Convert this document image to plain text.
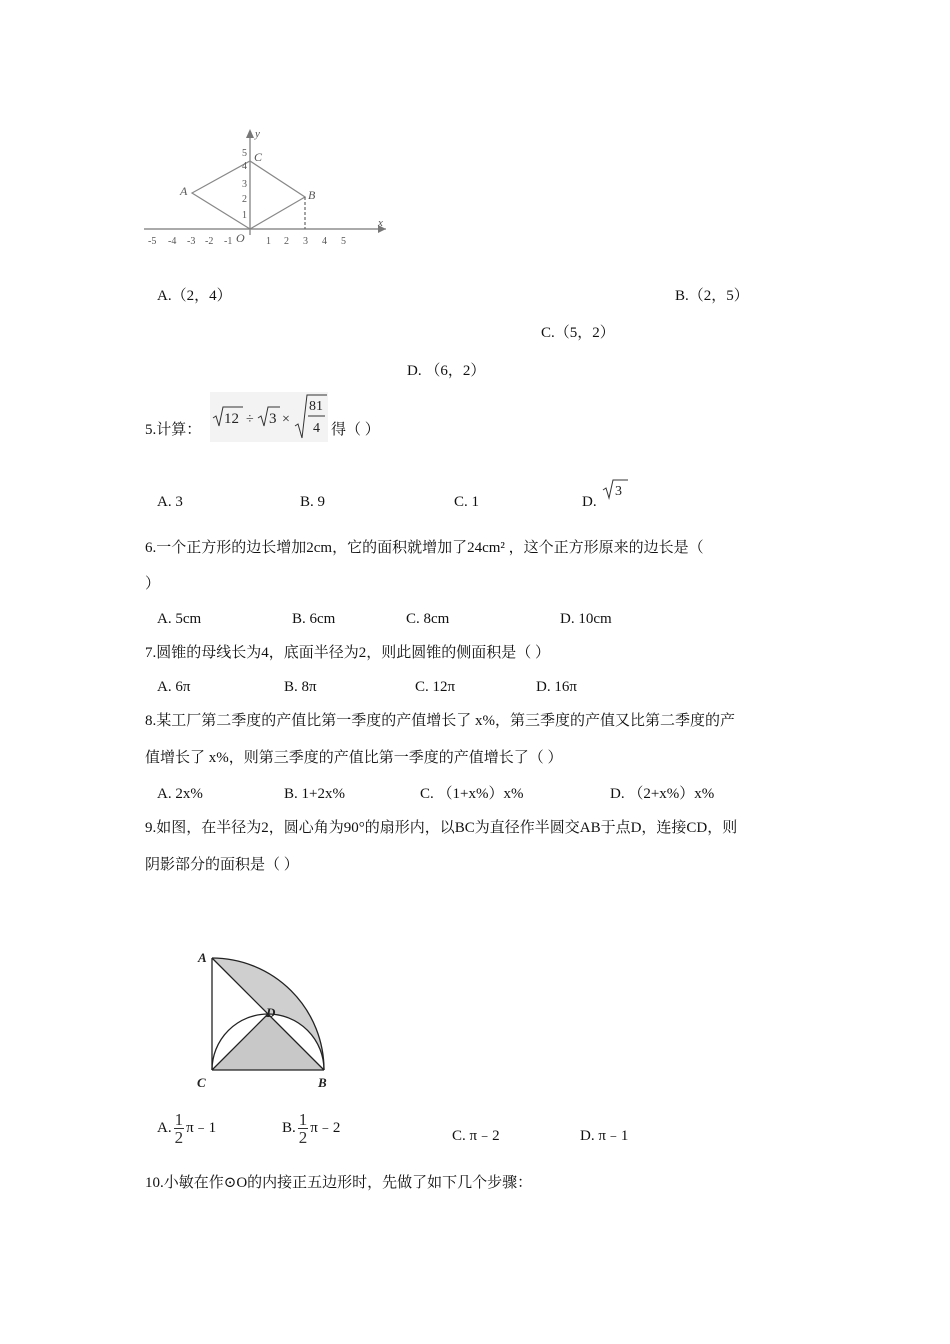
y
x
5
4
3
2
1
-5 -4 -3 -2 -1 O 1 2 3 4 5
A	B
C
A.（2，4）	B.（2，5）
C.（5，2）
D. （6，2）
5.计算：
12 ÷ 3 ×
81
4 得（ ）
A. 3	B. 9	C. 1	D.
3
6.一个正方形的边长增加2cm，它的面积就增加了24cm² ，这个正方形原来的边长是（
）
A. 5cm	B. 6cm	C. 8cm	D. 10cm
7.圆锥的母线长为4，底面半径为2，则此圆锥的侧面积是（ ）
A. 6π	B. 8π	C. 12π	D. 16π
8.某工厂第二季度的产值比第一季度的产值增长了 x%，第三季度的产值又比第二季度的产
值增长了 x%，则第三季度的产值比第一季度的产值增长了（ ）
A. 2x%	B. 1+2x%	C. （1+x%）x%	D. （2+x%）x%
9.如图，在半径为2，圆心角为90°的扇形内，以BC为直径作半圆交AB于点D，连接CD，则
阴影部分的面积是（ ）
A
D
C	B
A. $\frac{1}{2}$ π﹣1	B. $\frac{1}{2}$ π﹣2	C. π﹣2	D. π﹣1
10.小敏在作⊙O的内接正五边形时，先做了如下几个步骤：
